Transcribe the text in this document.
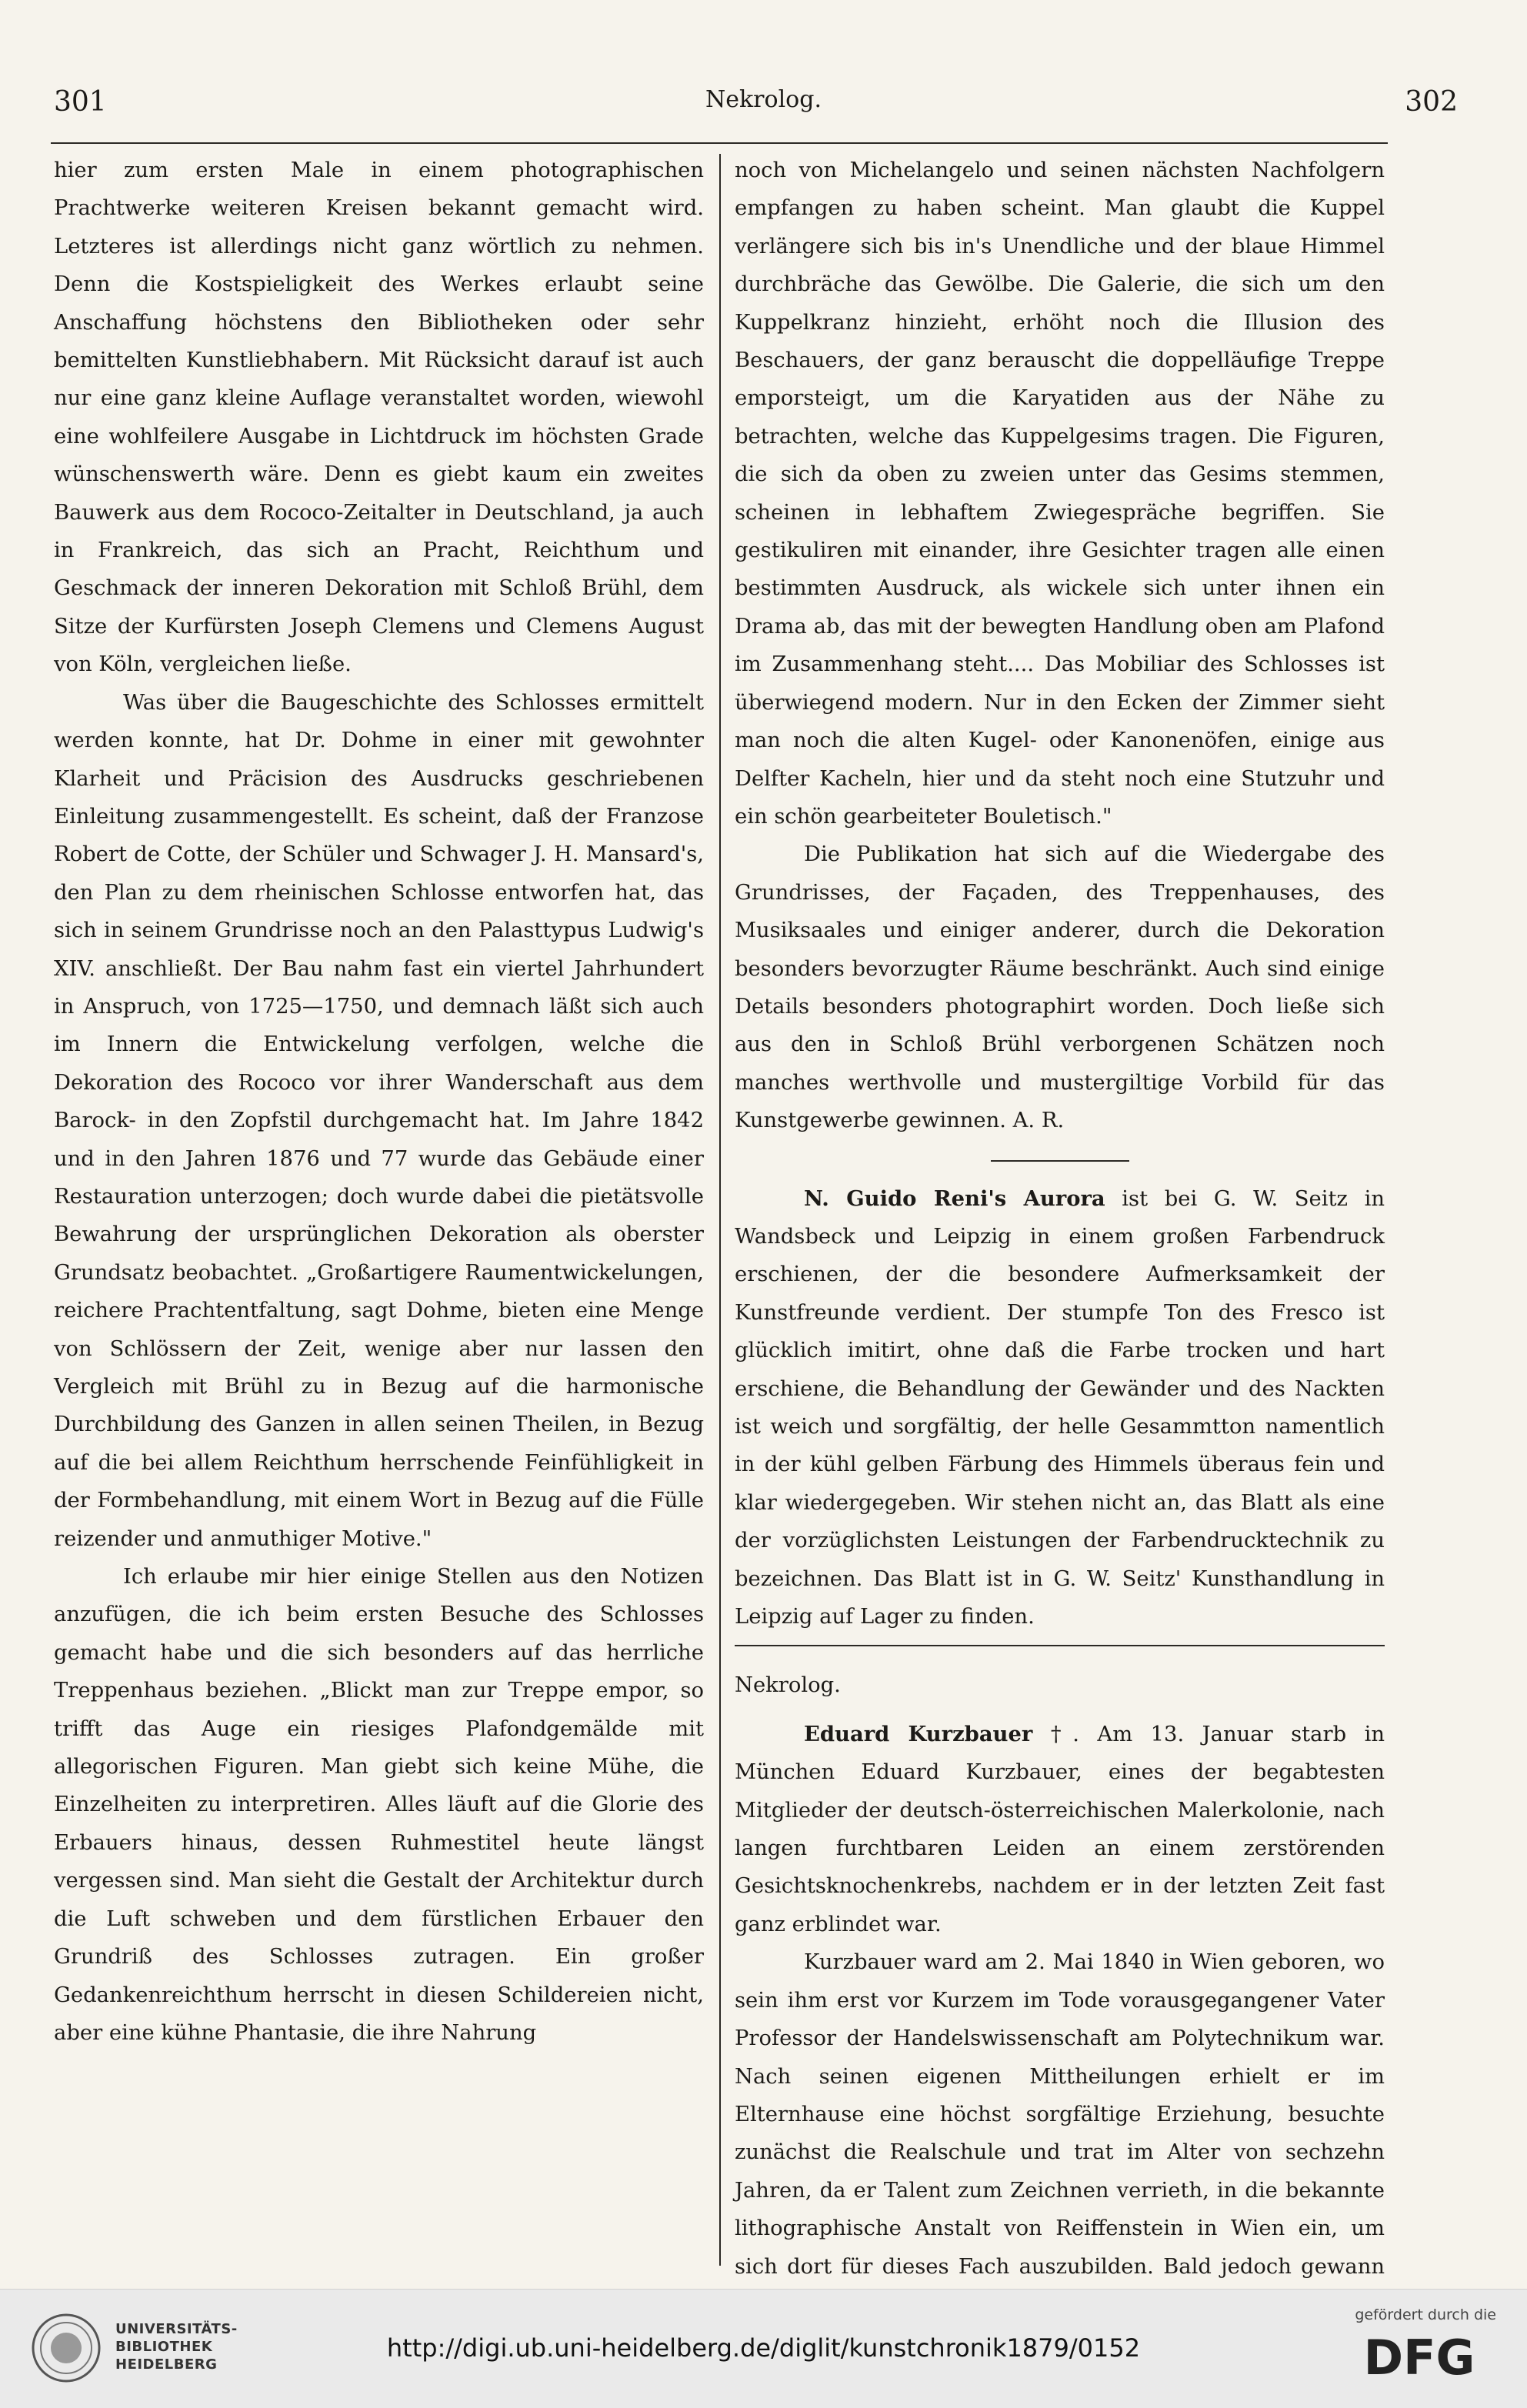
301	Nekrolog.	302

hier zum ersten Male in einem photographischen Prachtwerke weiteren Kreisen bekannt gemacht wird. Letzteres ist allerdings nicht ganz wörtlich zu nehmen. Denn die Kostspieligkeit des Werkes erlaubt seine Anschaffung höchstens den Bibliotheken oder sehr bemittelten Kunstliebhabern. Mit Rücksicht darauf ist auch nur eine ganz kleine Auflage veranstaltet worden, wiewohl eine wohlfeilere Ausgabe in Lichtdruck im höchsten Grade wünschenswerth wäre. Denn es giebt kaum ein zweites Bauwerk aus dem Rococo-Zeitalter in Deutschland, ja auch in Frankreich, das sich an Pracht, Reichthum und Geschmack der inneren Dekoration mit Schloß Brühl, dem Sitze der Kurfürsten Joseph Clemens und Clemens August von Köln, vergleichen ließe.

Was über die Baugeschichte des Schlosses ermittelt werden konnte, hat Dr. Dohme in einer mit gewohnter Klarheit und Präcision des Ausdrucks geschriebenen Einleitung zusammengestellt. Es scheint, daß der Franzose Robert de Cotte, der Schüler und Schwager J. H. Mansard's, den Plan zu dem rheinischen Schlosse entworfen hat, das sich in seinem Grundrisse noch an den Palasttypus Ludwig's XIV. anschließt. Der Bau nahm fast ein viertel Jahrhundert in Anspruch, von 1725—1750, und demnach läßt sich auch im Innern die Entwickelung verfolgen, welche die Dekoration des Rococo vor ihrer Wanderschaft aus dem Barock- in den Zopfstil durchgemacht hat. Im Jahre 1842 und in den Jahren 1876 und 77 wurde das Gebäude einer Restauration unterzogen; doch wurde dabei die pietätsvolle Bewahrung der ursprünglichen Dekoration als oberster Grundsatz beobachtet. „Großartigere Raumentwickelungen, reichere Prachtentfaltung, sagt Dohme, bieten eine Menge von Schlössern der Zeit, wenige aber nur lassen den Vergleich mit Brühl zu in Bezug auf die harmonische Durchbildung des Ganzen in allen seinen Theilen, in Bezug auf die bei allem Reichthum herrschende Feinfühligkeit in der Formbehandlung, mit einem Wort in Bezug auf die Fülle reizender und anmuthiger Motive."

Ich erlaube mir hier einige Stellen aus den Notizen anzufügen, die ich beim ersten Besuche des Schlosses gemacht habe und die sich besonders auf das herrliche Treppenhaus beziehen. „Blickt man zur Treppe empor, so trifft das Auge ein riesiges Plafondgemälde mit allegorischen Figuren. Man giebt sich keine Mühe, die Einzelheiten zu interpretiren. Alles läuft auf die Glorie des Erbauers hinaus, dessen Ruhmestitel heute längst vergessen sind. Man sieht die Gestalt der Architektur durch die Luft schweben und dem fürstlichen Erbauer den Grundriß des Schlosses zutragen. Ein großer Gedankenreichthum herrscht in diesen Schildereien nicht, aber eine kühne Phantasie, die ihre Nahrung

noch von Michelangelo und seinen nächsten Nachfolgern empfangen zu haben scheint. Man glaubt die Kuppel verlängere sich bis in's Unendliche und der blaue Himmel durchbräche das Gewölbe. Die Galerie, die sich um den Kuppelkranz hinzieht, erhöht noch die Illusion des Beschauers, der ganz berauscht die doppelläufige Treppe emporsteigt, um die Karyatiden aus der Nähe zu betrachten, welche das Kuppelgesims tragen. Die Figuren, die sich da oben zu zweien unter das Gesims stemmen, scheinen in lebhaftem Zwiegespräche begriffen. Sie gestikuliren mit einander, ihre Gesichter tragen alle einen bestimmten Ausdruck, als wickele sich unter ihnen ein Drama ab, das mit der bewegten Handlung oben am Plafond im Zusammenhang steht.... Das Mobiliar des Schlosses ist überwiegend modern. Nur in den Ecken der Zimmer sieht man noch die alten Kugel- oder Kanonenöfen, einige aus Delfter Kacheln, hier und da steht noch eine Stutzuhr und ein schön gearbeiteter Bouletisch."

Die Publikation hat sich auf die Wiedergabe des Grundrisses, der Façaden, des Treppenhauses, des Musiksaales und einiger anderer, durch die Dekoration besonders bevorzugter Räume beschränkt. Auch sind einige Details besonders photographirt worden. Doch ließe sich aus den in Schloß Brühl verborgenen Schätzen noch manches werthvolle und mustergiltige Vorbild für das Kunstgewerbe gewinnen. A. R.

N. Guido Reni's Aurora ist bei G. W. Seitz in Wandsbeck und Leipzig in einem großen Farbendruck erschienen, der die besondere Aufmerksamkeit der Kunstfreunde verdient. Der stumpfe Ton des Fresco ist glücklich imitirt, ohne daß die Farbe trocken und hart erschiene, die Behandlung der Gewänder und des Nackten ist weich und sorgfältig, der helle Gesammtton namentlich in der kühl gelben Färbung des Himmels überaus fein und klar wiedergegeben. Wir stehen nicht an, das Blatt als eine der vorzüglichsten Leistungen der Farbendrucktechnik zu bezeichnen. Das Blatt ist in G. W. Seitz' Kunsthandlung in Leipzig auf Lager zu finden.

Nekrolog.

Eduard Kurzbauer †. Am 13. Januar starb in München Eduard Kurzbauer, eines der begabtesten Mitglieder der deutsch-österreichischen Malerkolonie, nach langen furchtbaren Leiden an einem zerstörenden Gesichtsknochenkrebs, nachdem er in der letzten Zeit fast ganz erblindet war.

Kurzbauer ward am 2. Mai 1840 in Wien geboren, wo sein ihm erst vor Kurzem im Tode vorausgegangener Vater Professor der Handelswissenschaft am Polytechnikum war. Nach seinen eigenen Mittheilungen erhielt er im Elternhause eine höchst sorgfältige Erziehung, besuchte zunächst die Realschule und trat im Alter von sechzehn Jahren, da er Talent zum Zeichnen verrieth, in die bekannte lithographische Anstalt von Reiffenstein in Wien ein, um sich dort für dieses Fach auszubilden. Bald jedoch gewann

UNIVERSITÄTS-
BIBLIOTHEK
HEIDELBERG
http://digi.ub.uni-heidelberg.de/diglit/kunstchronik1879/0152
gefördert durch die
DFG
